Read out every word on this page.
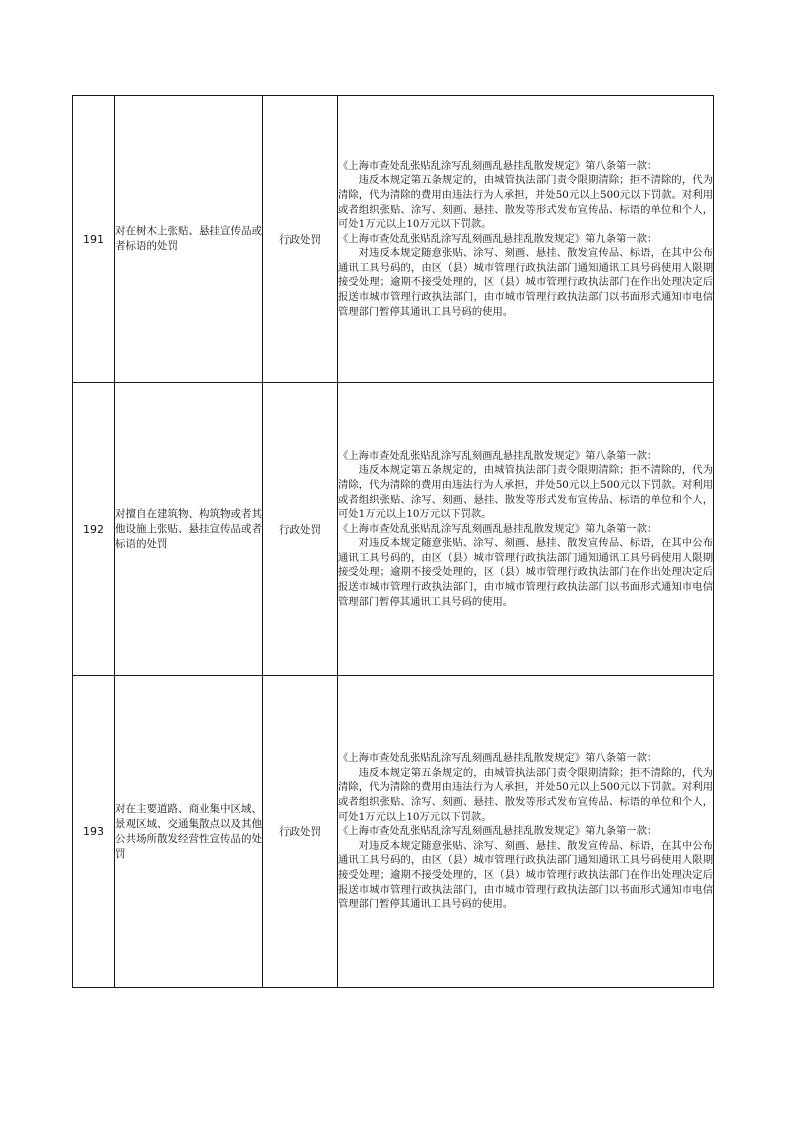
191	对在树木上张贴、悬挂宣传品或者标语的处罚	行政处罚	《上海市查处乱张贴乱涂写乱刻画乱悬挂乱散发规定》第八条第一款：

违反本规定第五条规定的，由城管执法部门责令限期清除；拒不清除的，代为清除，代为清除的费用由违法行为人承担，并处50元以上500元以下罚款。对利用或者组织张贴、涂写、刻画、悬挂、散发等形式发布宣传品、标语的单位和个人，可处1万元以上10万元以下罚款。

《上海市查处乱张贴乱涂写乱刻画乱悬挂乱散发规定》第九条第一款：

对违反本规定随意张贴、涂写、刻画、悬挂、散发宣传品、标语，在其中公布通讯工具号码的，由区（县）城市管理行政执法部门通知通讯工具号码使用人限期接受处理；逾期不接受处理的，区（县）城市管理行政执法部门在作出处理决定后报送市城市管理行政执法部门，由市城市管理行政执法部门以书面形式通知市电信管理部门暂停其通讯工具号码的使用。

192	对擅自在建筑物、构筑物或者其他设施上张贴、悬挂宣传品或者标语的处罚	行政处罚	《上海市查处乱张贴乱涂写乱刻画乱悬挂乱散发规定》第八条第一款：

违反本规定第五条规定的，由城管执法部门责令限期清除；拒不清除的，代为清除，代为清除的费用由违法行为人承担，并处50元以上500元以下罚款。对利用或者组织张贴、涂写、刻画、悬挂、散发等形式发布宣传品、标语的单位和个人，可处1万元以上10万元以下罚款。

《上海市查处乱张贴乱涂写乱刻画乱悬挂乱散发规定》第九条第一款：

对违反本规定随意张贴、涂写、刻画、悬挂、散发宣传品、标语，在其中公布通讯工具号码的，由区（县）城市管理行政执法部门通知通讯工具号码使用人限期接受处理；逾期不接受处理的，区（县）城市管理行政执法部门在作出处理决定后报送市城市管理行政执法部门，由市城市管理行政执法部门以书面形式通知市电信管理部门暂停其通讯工具号码的使用。

193	对在主要道路、商业集中区域、景观区域、交通集散点以及其他公共场所散发经营性宣传品的处罚	行政处罚	《上海市查处乱张贴乱涂写乱刻画乱悬挂乱散发规定》第八条第一款：

违反本规定第五条规定的，由城管执法部门责令限期清除；拒不清除的，代为清除，代为清除的费用由违法行为人承担，并处50元以上500元以下罚款。对利用或者组织张贴、涂写、刻画、悬挂、散发等形式发布宣传品、标语的单位和个人，可处1万元以上10万元以下罚款。

《上海市查处乱张贴乱涂写乱刻画乱悬挂乱散发规定》第九条第一款：

对违反本规定随意张贴、涂写、刻画、悬挂、散发宣传品、标语，在其中公布通讯工具号码的，由区（县）城市管理行政执法部门通知通讯工具号码使用人限期接受处理；逾期不接受处理的，区（县）城市管理行政执法部门在作出处理决定后报送市城市管理行政执法部门，由市城市管理行政执法部门以书面形式通知市电信管理部门暂停其通讯工具号码的使用。
